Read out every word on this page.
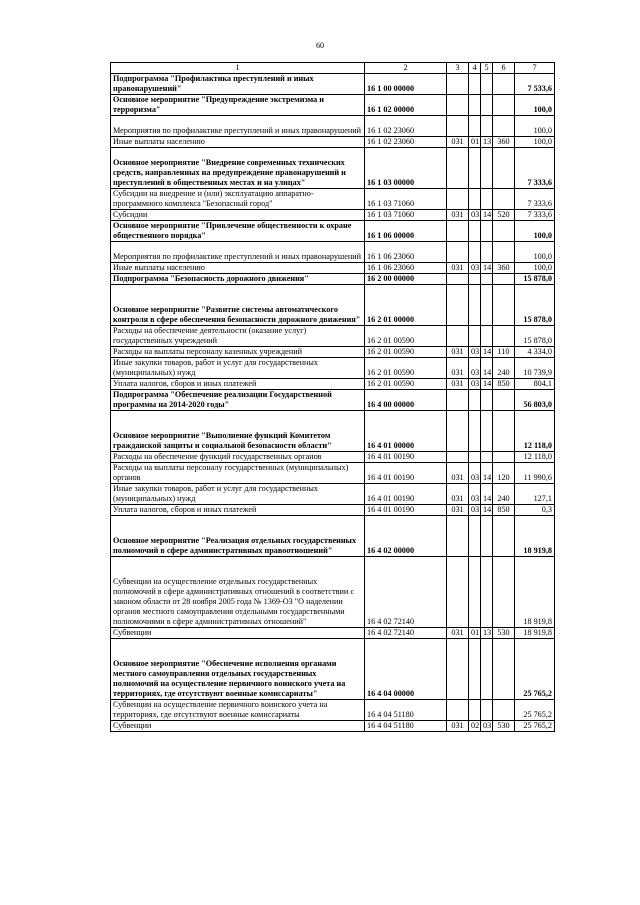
60
1	2	3	4	5	6	7
Подпрограмма "Профилактика преступлений и иных правонарушений"	16 1 00 00000					7 533,6
Основное мероприятие "Предупреждение экстремизма и терроризма"	16 1 02 00000					100,0
Мероприятия по профилактике преступлений и иных правонарушений	16 1 02 23060					100,0
Иные выплаты населению	16 1 02 23060	031	01	13	360	100,0
Основное мероприятие "Внедрение современных технических средств, направленных на предупреждение правонарушений и преступлений в общественных местах и на улицах"	16 1 03 00000					7 333,6
Субсидии на внедрение и (или) эксплуатацию аппаратно-программного комплекса "Безопасный город"	16 1 03 71060					7 333,6
Субсидии	16 1 03 71060	031	03	14	520	7 333,6
Основное мероприятие "Привлечение общественности к охране общественного порядка"	16 1 06 00000					100,0
Мероприятия по профилактике преступлений и иных правонарушений	16 1 06 23060					100,0
Иные выплаты населению	16 1 06 23060	031	03	14	360	100,0
Подпрограмма "Безопасность дорожного движения"	16 2 00 00000					15 878,0
Основное мероприятие "Развитие системы автоматического контроля в сфере обеспечения безопасности дорожного движения"	16 2 01 00000					15 878,0
Расходы на обеспечение деятельности (оказание услуг) государственных учреждений	16 2 01 00590					15 878,0
Расходы на выплаты персоналу казенных учреждений	16 2 01 00590	031	03	14	110	4 334,0
Иные закупки товаров, работ и услуг для государственных (муниципальных) нужд	16 2 01 00590	031	03	14	240	10 739,9
Уплата налогов, сборов и иных платежей	16 2 01 00590	031	03	14	850	804,1
Подпрограмма "Обеспечение реализации Государственной программы на 2014-2020 годы"	16 4 00 00000					56 803,0
Основное мероприятие "Выполнение функций Комитетом гражданской защиты и социальной безопасности области"	16 4 01 00000					12 118,0
Расходы на обеспечение функций государственных органов	16 4 01 00190					12 118,0
Расходы на выплаты персоналу государственных (муниципальных) органов	16 4 01 00190	031	03	14	120	11 990,6
Иные закупки товаров, работ и услуг для государственных (муниципальных) нужд	16 4 01 00190	031	03	14	240	127,1
Уплата налогов, сборов и иных платежей	16 4 01 00190	031	03	14	850	0,3
Основное мероприятие "Реализация отдельных государственных полномочий в сфере административных правоотношений"	16 4 02 00000					18 919,8
Субвенции на осуществление отдельных государственных полномочий в сфере административных отношений в соответствии с законом области от 28 ноября 2005 года № 1369-ОЗ "О наделении органов местного самоуправления отдельными государственными полномочиями в сфере административных отношений"	16 4 02 72140					18 919,8
Субвенции	16 4 02 72140	031	01	13	530	18 919,8
Основное мероприятие "Обеспечение исполнения органами местного самоуправления отдельных государственных полномочий на осуществление первичного воинского учета на территориях, где отсутствуют военные комиссариаты"	16 4 04 00000					25 765,2
Субвенции на осуществление первичного воинского учета на территориях, где отсутствуют военные комиссариаты	16 4 04 51180					25 765,2
Субвенции	16 4 04 51180	031	02	03	530	25 765,2
